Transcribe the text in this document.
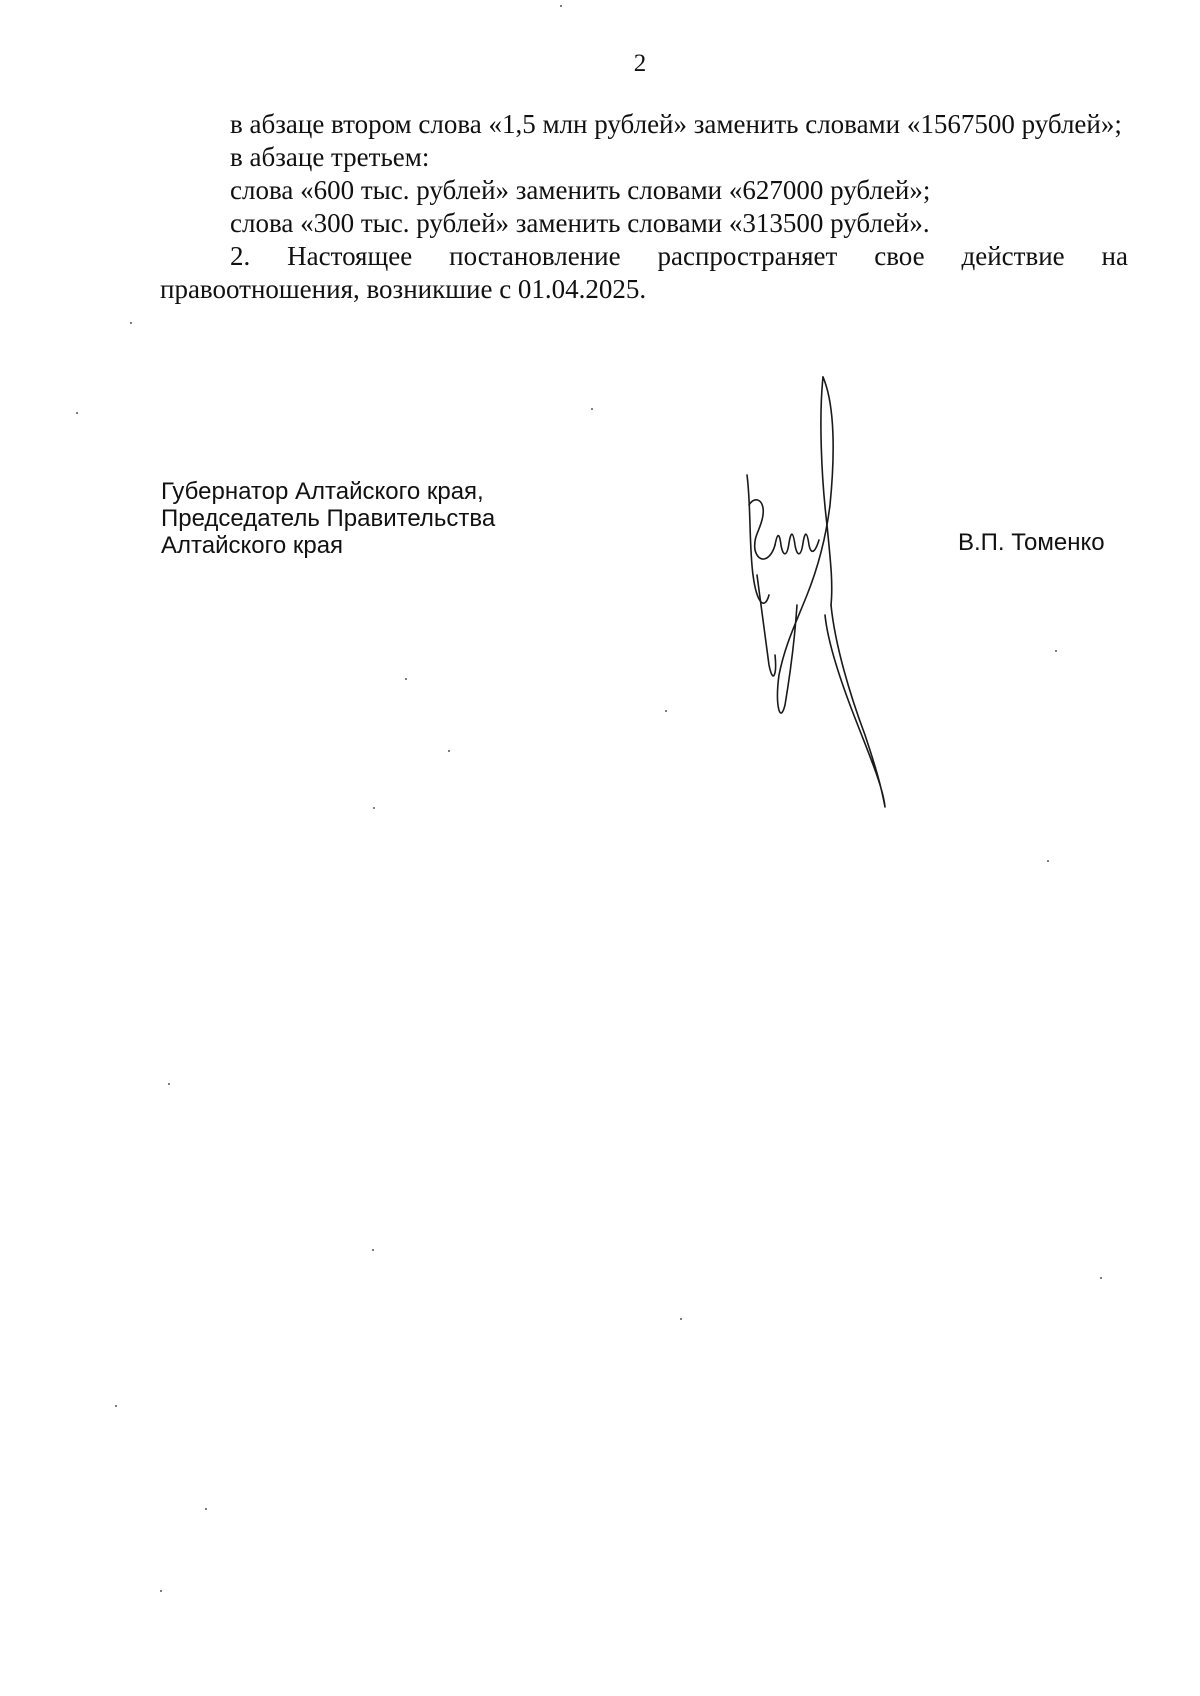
2

в абзаце втором слова «1,5 млн рублей» заменить словами «1567500 рублей»;

в абзаце третьем:

слова «600 тыс. рублей» заменить словами «627000 рублей»;

слова «300 тыс. рублей» заменить словами «313500 рублей».

2. Настоящее постановление распространяет свое действие на правоотношения, возникшие с 01.04.2025.

Губернатор Алтайского края,
Председатель Правительства
Алтайского края	В.П. Томенко
